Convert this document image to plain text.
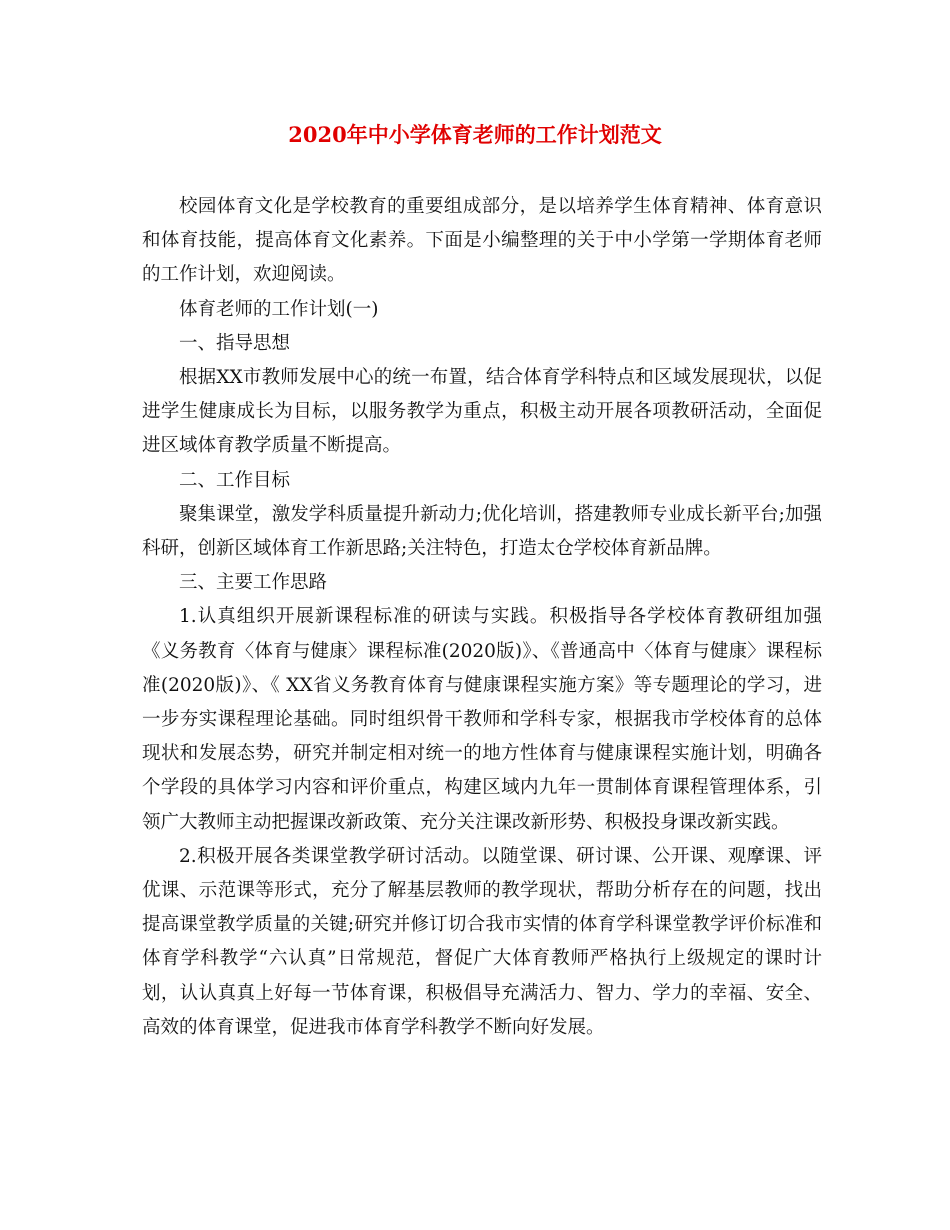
2020年中小学体育老师的工作计划范文

校园体育文化是学校教育的重要组成部分，是以培养学生体育精神、体育意识和体育技能，提高体育文化素养。下面是小编整理的关于中小学第一学期体育老师的工作计划，欢迎阅读。

体育老师的工作计划(一)

一、指导思想

根据XX市教师发展中心的统一布置，结合体育学科特点和区域发展现状，以促进学生健康成长为目标，以服务教学为重点，积极主动开展各项教研活动，全面促进区域体育教学质量不断提高。

二、工作目标

聚集课堂，激发学科质量提升新动力;优化培训，搭建教师专业成长新平台;加强科研，创新区域体育工作新思路;关注特色，打造太仓学校体育新品牌。

三、主要工作思路

1.认真组织开展新课程标准的研读与实践。积极指导各学校体育教研组加强《义务教育〈体育与健康〉课程标准(2020版)》、《普通高中〈体育与健康〉课程标准(2020版)》、《 XX省义务教育体育与健康课程实施方案》等专题理论的学习，进一步夯实课程理论基础。同时组织骨干教师和学科专家，根据我市学校体育的总体现状和发展态势，研究并制定相对统一的地方性体育与健康课程实施计划，明确各个学段的具体学习内容和评价重点，构建区域内九年一贯制体育课程管理体系，引领广大教师主动把握课改新政策、充分关注课改新形势、积极投身课改新实践。

2.积极开展各类课堂教学研讨活动。以随堂课、研讨课、公开课、观摩课、评优课、示范课等形式，充分了解基层教师的教学现状，帮助分析存在的问题，找出提高课堂教学质量的关键;研究并修订切合我市实情的体育学科课堂教学评价标准和体育学科教学“六认真”日常规范，督促广大体育教师严格执行上级规定的课时计划，认认真真上好每一节体育课，积极倡导充满活力、智力、学力的幸福、安全、高效的体育课堂，促进我市体育学科教学不断向好发展。
